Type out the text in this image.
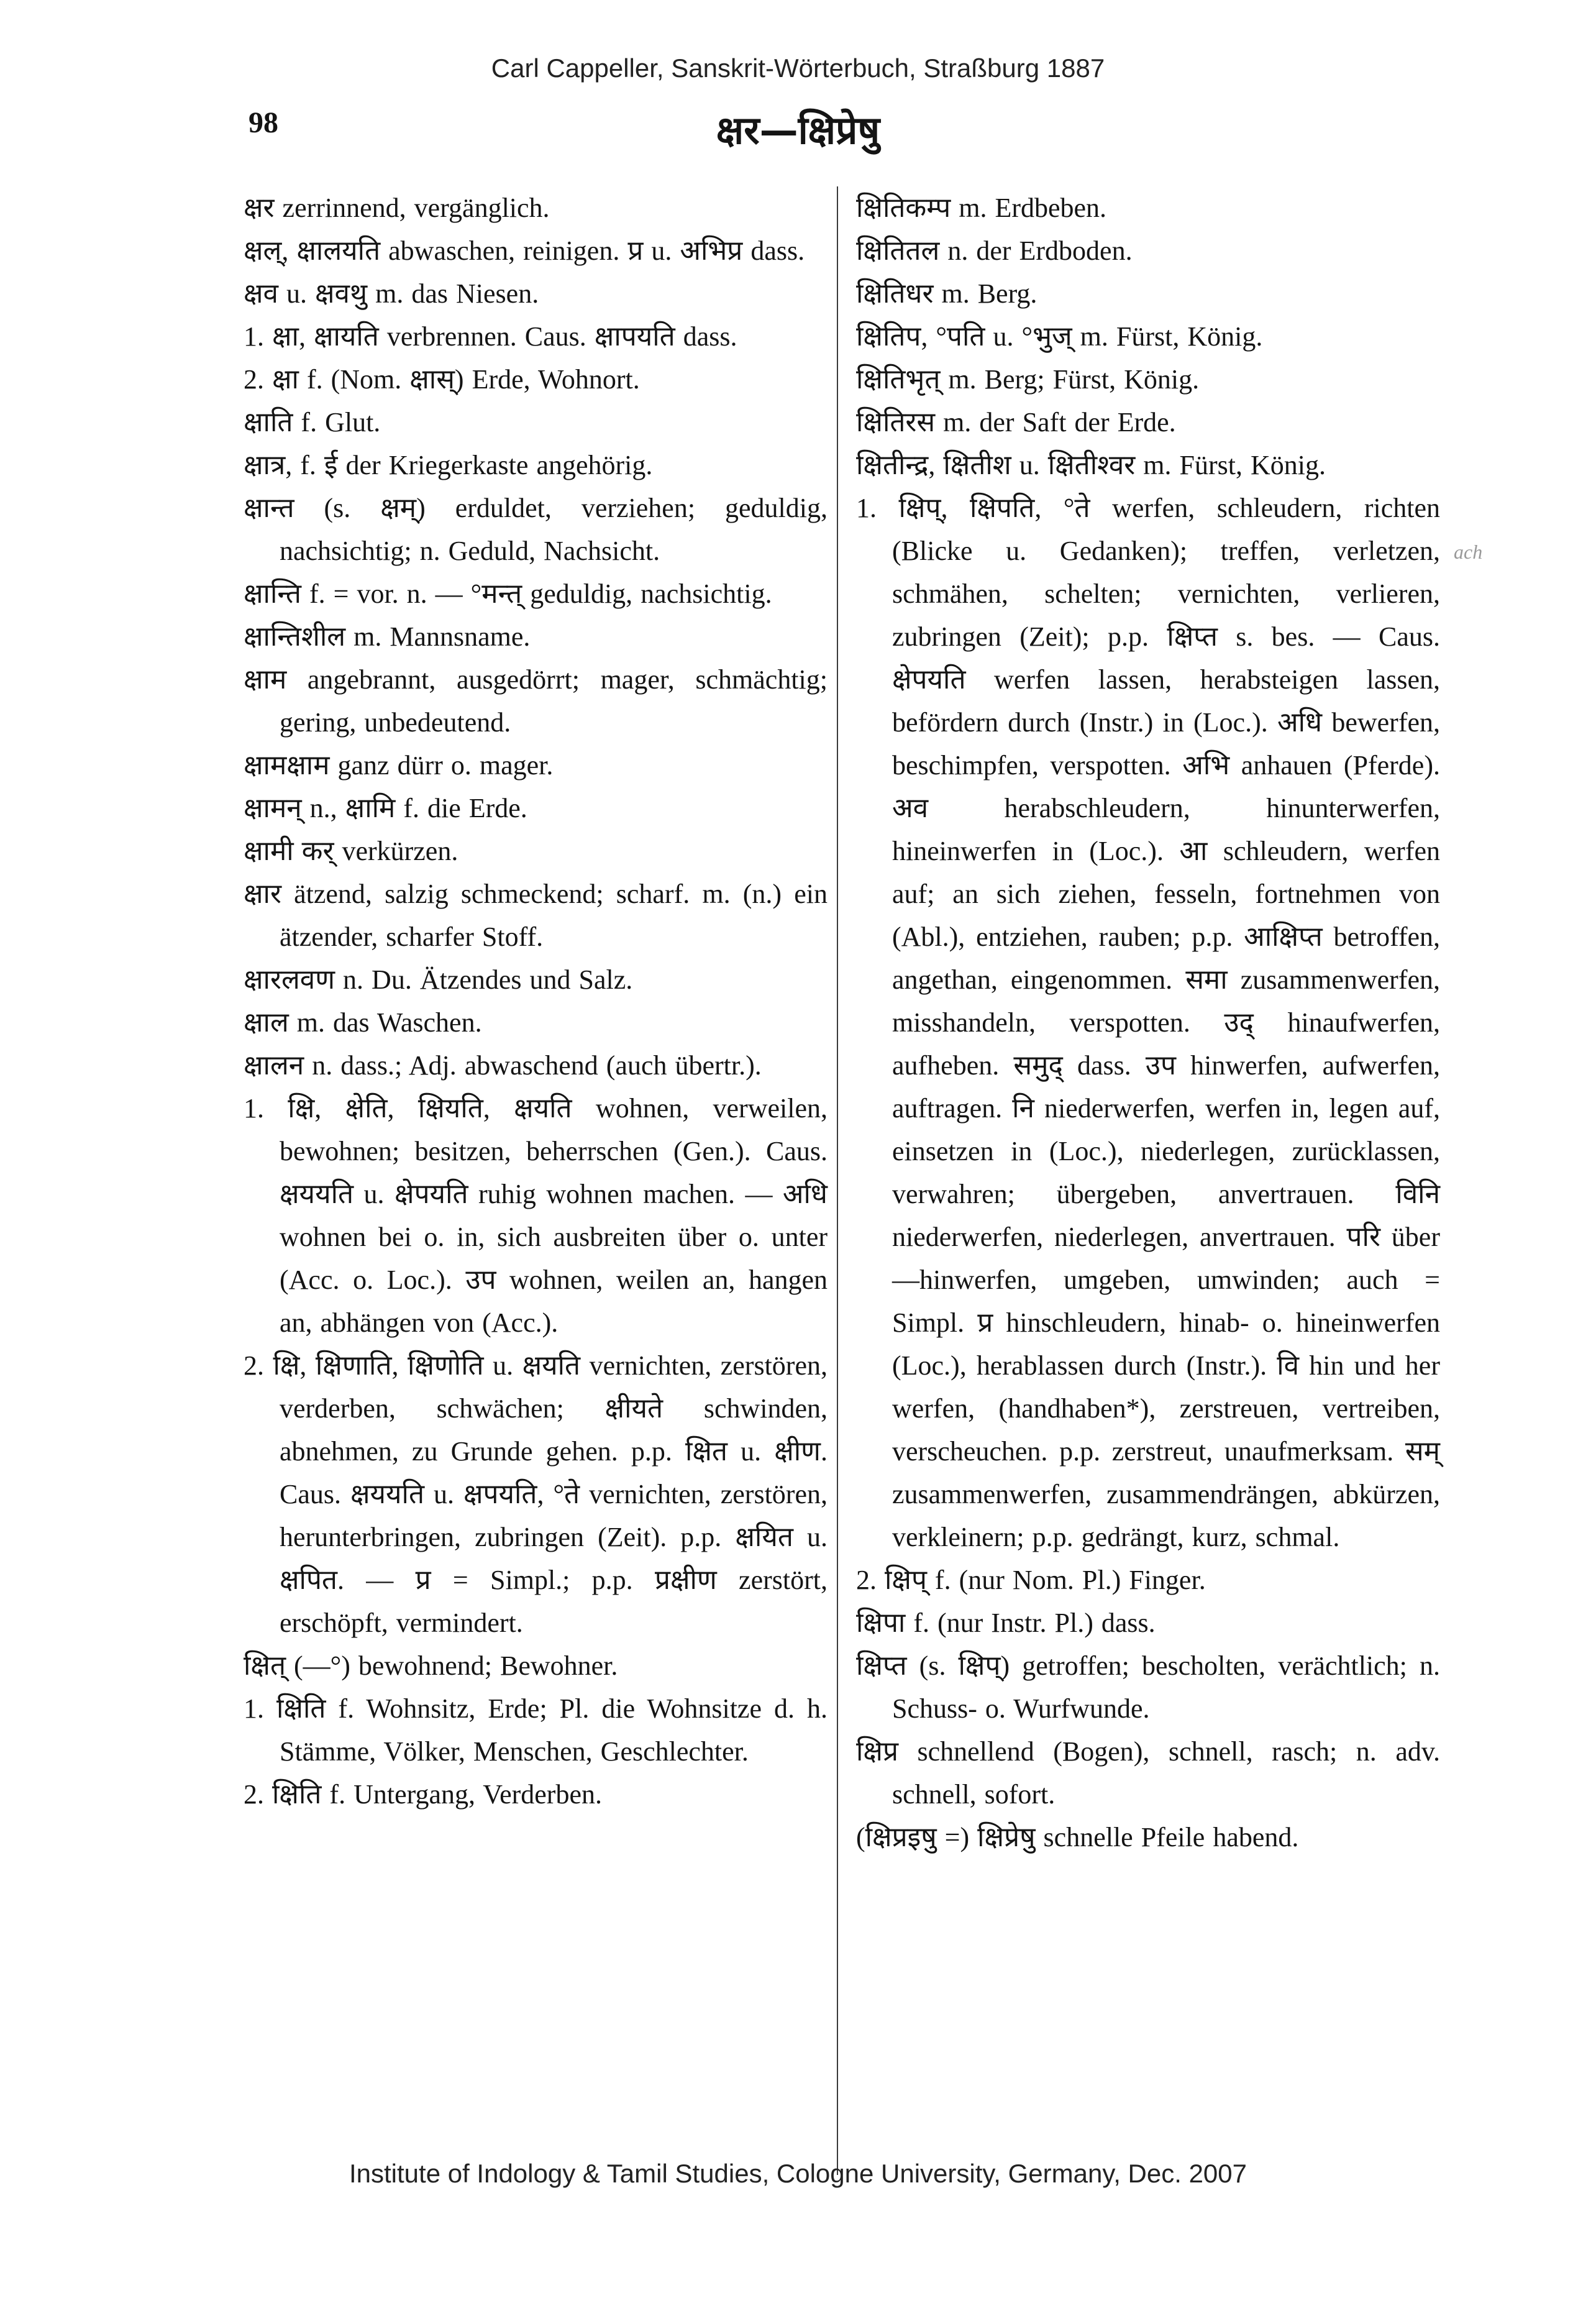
Carl Cappeller, Sanskrit-Wörterbuch, Straßburg 1887
98	क्षर—क्षिप्रेषु
क्षर zerrinnend, vergänglich.
क्षल्, क्षालयति abwaschen, reinigen. प्र u. अभिप्र dass.
क्षव u. क्षवथु m. das Niesen.
1. क्षा, क्षायति verbrennen. Caus. क्षापयति dass.
2. क्षा f. (Nom. क्षास्) Erde, Wohnort.
क्षाति f. Glut.
क्षात्र, f. ई der Kriegerkaste angehörig.
क्षान्त (s. क्षम्) erduldet, verziehen; geduldig, nachsichtig; n. Geduld, Nachsicht.
क्षान्ति f. = vor. n. — °मन्त् geduldig, nachsichtig.
क्षान्तिशील m. Mannsname.
क्षाम angebrannt, ausgedörrt; mager, schmächtig; gering, unbedeutend.
क्षामक्षाम ganz dürr o. mager.
क्षामन् n., क्षामि f. die Erde.
क्षामी कर् verkürzen.
क्षार ätzend, salzig schmeckend; scharf. m. (n.) ein ätzender, scharfer Stoff.
क्षारलवण n. Du. Ätzendes und Salz.
क्षाल m. das Waschen.
क्षालन n. dass.; Adj. abwaschend (auch übertr.).
1. क्षि, क्षेति, क्षियति, क्षयति wohnen, verweilen, bewohnen; besitzen, beherrschen (Gen.). Caus. क्षययति u. क्षेपयति ruhig wohnen machen. — अधि wohnen bei o. in, sich ausbreiten über o. unter (Acc. o. Loc.). उप wohnen, weilen an, hangen an, abhängen von (Acc.).
2. क्षि, क्षिणाति, क्षिणोति u. क्षयति vernichten, zerstören, verderben, schwächen; क्षीयते schwinden, abnehmen, zu Grunde gehen. p.p. क्षित u. क्षीण. Caus. क्षययति u. क्षपयति, °ते vernichten, zerstören, herunterbringen, zubringen (Zeit). p.p. क्षयित u. क्षपित. — प्र = Simpl.; p.p. प्रक्षीण zerstört, erschöpft, vermindert.
क्षित् (—°) bewohnend; Bewohner.
1. क्षिति f. Wohnsitz, Erde; Pl. die Wohnsitze d. h. Stämme, Völker, Menschen, Geschlechter.
2. क्षिति f. Untergang, Verderben.
क्षितिकम्प m. Erdbeben.
क्षितितल n. der Erdboden.
क्षितिधर m. Berg.
क्षितिप, °पति u. °भुज् m. Fürst, König.
क्षितिभृत् m. Berg; Fürst, König.
क्षितिरस m. der Saft der Erde.
क्षितीन्द्र, क्षितीश u. क्षितीश्वर m. Fürst, König.
1. क्षिप्, क्षिपति, °ते werfen, schleudern, richten (Blicke u. Gedanken); treffen, verletzen, schmähen, schelten; vernichten, verlieren, zubringen (Zeit); p.p. क्षिप्त s. bes. — Caus. क्षेपयति werfen lassen, herabsteigen lassen, befördern durch (Instr.) in (Loc.). अधि bewerfen, beschimpfen, verspotten. अभि anhauen (Pferde). अव herabschleudern, hinunterwerfen, hineinwerfen in (Loc.). आ schleudern, werfen auf; an sich ziehen, fesseln, fortnehmen von (Abl.), entziehen, rauben; p.p. आक्षिप्त betroffen, angethan, eingenommen. समा zusammenwerfen, misshandeln, verspotten. उद् hinaufwerfen, aufheben. समुद् dass. उप hinwerfen, aufwerfen, auftragen. नि niederwerfen, werfen in, legen auf, einsetzen in (Loc.), niederlegen, zurücklassen, verwahren; übergeben, anvertrauen. विनि niederwerfen, niederlegen, anvertrauen. परि über—hinwerfen, umgeben, umwinden; auch = Simpl. प्र hinschleudern, hinab- o. hineinwerfen (Loc.), herablassen durch (Instr.). वि hin und her werfen, (handhaben*), zerstreuen, vertreiben, verscheuchen. p.p. zerstreut, unaufmerksam. सम् zusammenwerfen, zusammendrängen, abkürzen, verkleinern; p.p. gedrängt, kurz, schmal.
2. क्षिप् f. (nur Nom. Pl.) Finger.
क्षिपा f. (nur Instr. Pl.) dass.
क्षिप्त (s. क्षिप्) getroffen; bescholten, verächtlich; n. Schuss- o. Wurfwunde.
क्षिप्र schnellend (Bogen), schnell, rasch; n. adv. schnell, sofort.
(क्षिप्रइषु =) क्षिप्रेषु schnelle Pfeile habend.
ach
Institute of Indology & Tamil Studies, Cologne University, Germany, Dec. 2007
